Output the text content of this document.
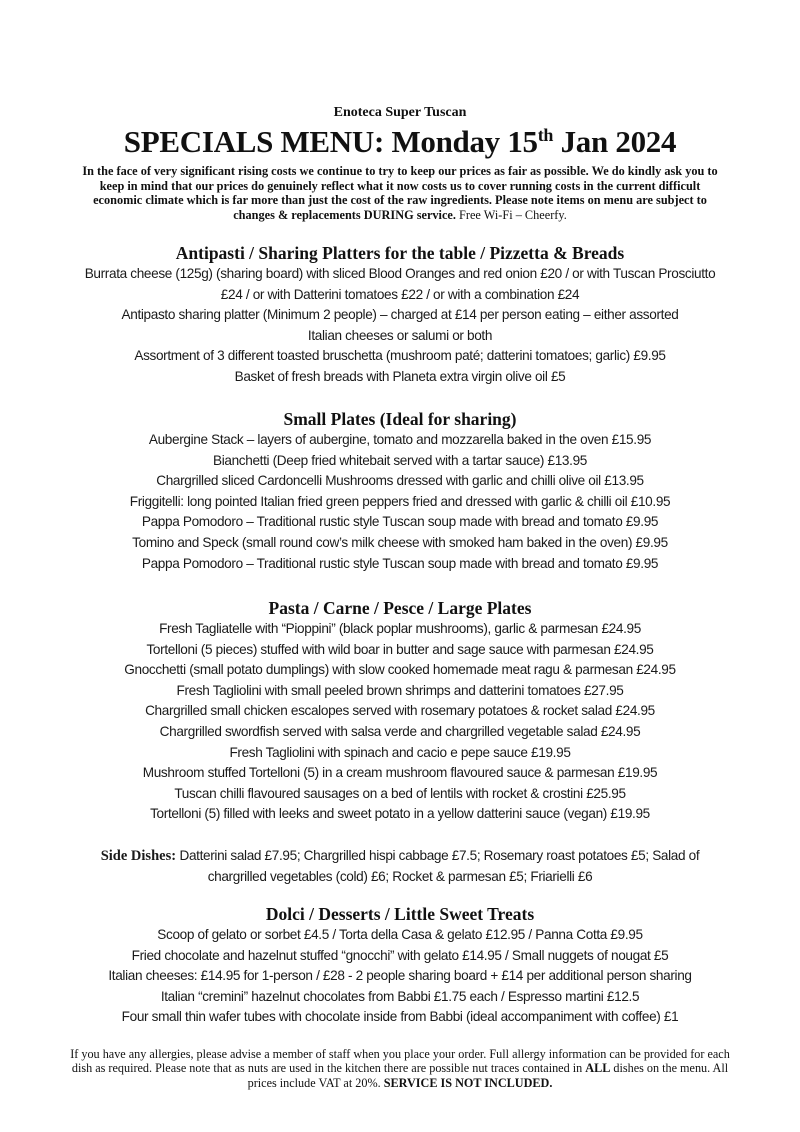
Enoteca Super Tuscan
SPECIALS MENU: Monday 15th Jan 2024
In the face of very significant rising costs we continue to try to keep our prices as fair as possible. We do kindly ask you to keep in mind that our prices do genuinely reflect what it now costs us to cover running costs in the current difficult economic climate which is far more than just the cost of the raw ingredients. Please note items on menu are subject to changes & replacements DURING service. Free Wi-Fi – Cheerfy.
Antipasti / Sharing Platters for the table / Pizzetta & Breads

Burrata cheese (125g) (sharing board) with sliced Blood Oranges and red onion £20 / or with Tuscan Prosciutto £24 / or with Datterini tomatoes £22 / or with a combination £24

Antipasto sharing platter (Minimum 2 people) – charged at £14 per person eating – either assorted Italian cheeses or salumi or both

Assortment of 3 different toasted bruschetta (mushroom paté; datterini tomatoes; garlic) £9.95

Basket of fresh breads with Planeta extra virgin olive oil £5

Small Plates (Ideal for sharing)

Aubergine Stack – layers of aubergine, tomato and mozzarella baked in the oven £15.95

Bianchetti (Deep fried whitebait served with a tartar sauce) £13.95

Chargrilled sliced Cardoncelli Mushrooms dressed with garlic and chilli olive oil £13.95

Friggitelli: long pointed Italian fried green peppers fried and dressed with garlic & chilli oil £10.95

Pappa Pomodoro – Traditional rustic style Tuscan soup made with bread and tomato £9.95

Tomino and Speck (small round cow’s milk cheese with smoked ham baked in the oven) £9.95

Pappa Pomodoro – Traditional rustic style Tuscan soup made with bread and tomato £9.95

Pasta / Carne / Pesce / Large Plates

Fresh Tagliatelle with “Pioppini” (black poplar mushrooms), garlic & parmesan £24.95

Tortelloni (5 pieces) stuffed with wild boar in butter and sage sauce with parmesan £24.95

Gnocchetti (small potato dumplings) with slow cooked homemade meat ragu & parmesan £24.95

Fresh Tagliolini with small peeled brown shrimps and datterini tomatoes £27.95

Chargrilled small chicken escalopes served with rosemary potatoes & rocket salad £24.95

Chargrilled swordfish served with salsa verde and chargrilled vegetable salad £24.95

Fresh Tagliolini with spinach and cacio e pepe sauce £19.95

Mushroom stuffed Tortelloni (5) in a cream mushroom flavoured sauce & parmesan £19.95

Tuscan chilli flavoured sausages on a bed of lentils with rocket & crostini £25.95

Tortelloni (5) filled with leeks and sweet potato in a yellow datterini sauce (vegan) £19.95

Side Dishes: Datterini salad £7.95; Chargrilled hispi cabbage £7.5; Rosemary roast potatoes £5; Salad of chargrilled vegetables (cold) £6; Rocket & parmesan £5; Friarielli £6

Dolci / Desserts / Little Sweet Treats

Scoop of gelato or sorbet £4.5 / Torta della Casa & gelato £12.95 / Panna Cotta £9.95

Fried chocolate and hazelnut stuffed “gnocchi” with gelato £14.95 / Small nuggets of nougat £5

Italian cheeses: £14.95 for 1-person / £28 - 2 people sharing board + £14 per additional person sharing

Italian “cremini” hazelnut chocolates from Babbi £1.75 each / Espresso martini £12.5

Four small thin wafer tubes with chocolate inside from Babbi (ideal accompaniment with coffee) £1

If you have any allergies, please advise a member of staff when you place your order. Full allergy information can be provided for each dish as required. Please note that as nuts are used in the kitchen there are possible nut traces contained in ALL dishes on the menu. All prices include VAT at 20%. SERVICE IS NOT INCLUDED.
